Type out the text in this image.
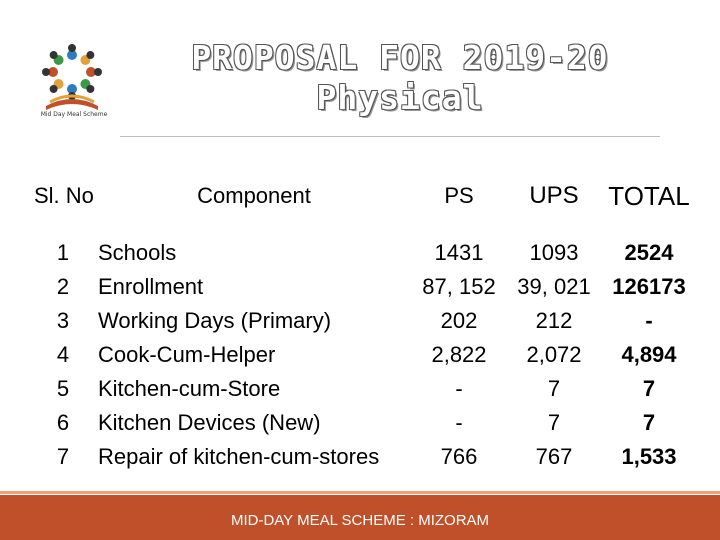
Mid Day Meal Scheme
PROPOSAL FOR 2019-20
Physical
Sl. No	Component	PS	UPS	TOTAL
1	Schools	1431	1093	2524
2	Enrollment	87, 152	39, 021	126173
3	Working Days (Primary)	202	212	-
4	Cook-Cum-Helper	2,822	2,072	4,894
5	Kitchen-cum-Store	-	7	7
6	Kitchen Devices (New)	-	7	7
7	Repair of kitchen-cum-stores	766	767	1,533
MID-DAY MEAL SCHEME : MIZORAM
